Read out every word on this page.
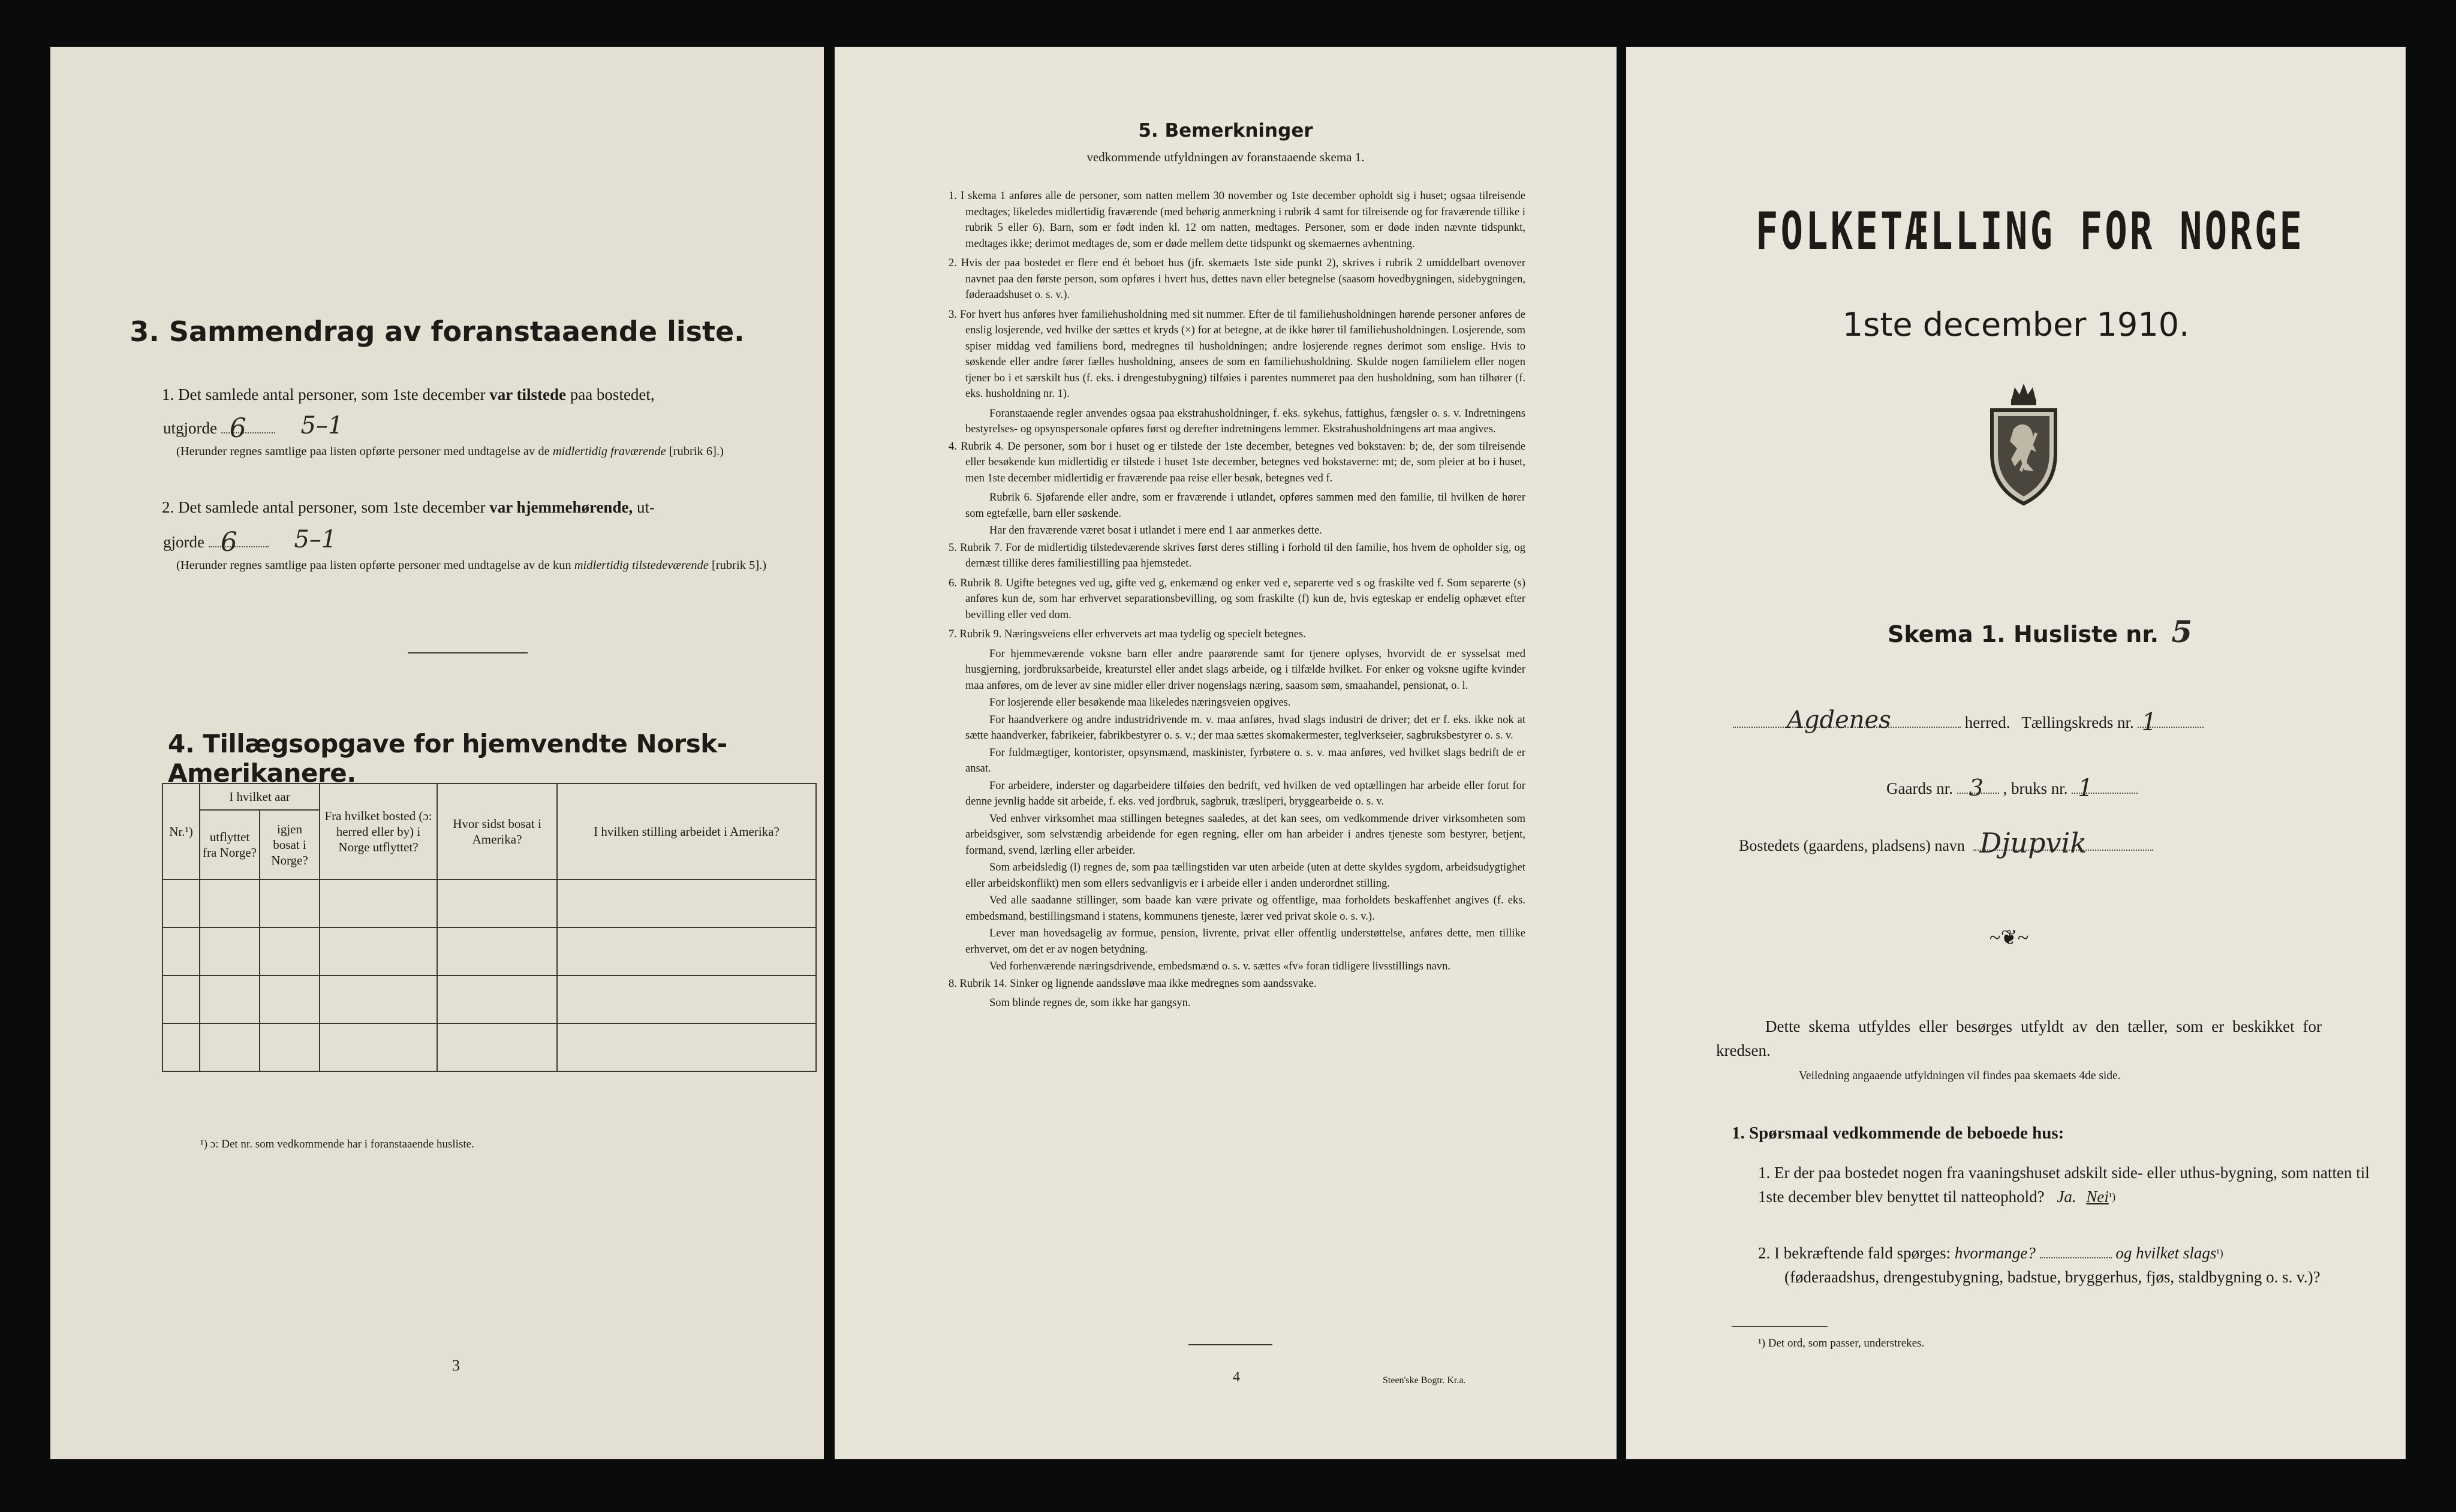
3. Sammendrag av foranstaaende liste.
1. Det samlede antal personer, som 1ste december var tilstede paa bostedet,
utgjorde 6 5–1
(Herunder regnes samtlige paa listen opførte personer med undtagelse av de midlertidig fraværende [rubrik 6].)
2. Det samlede antal personer, som 1ste december var hjemmehørende, ut-
gjorde 6 5–1
(Herunder regnes samtlige paa listen opførte personer med undtagelse av de kun midlertidig tilstedeværende [rubrik 5].)
4. Tillægsopgave for hjemvendte Norsk-Amerikanere.
Nr.¹)	I hvilket aar		Fra hvilket bosted (ɔ: herred eller by) i Norge utflyttet?	Hvor sidst bosat i Amerika?	I hvilken stilling arbeidet i Amerika?
	utflyttet fra Norge?	igjen bosat i Norge?			

¹) ɔ: Det nr. som vedkommende har i foranstaaende husliste.
3
5. Bemerkninger
vedkommende utfyldningen av foranstaaende skema 1.
1. I skema 1 anføres alle de personer, som natten mellem 30 november og 1ste december opholdt sig i huset; ogsaa tilreisende medtages; likeledes midlertidig fraværende (med behørig anmerkning i rubrik 4 samt for tilreisende og for fraværende tillike i rubrik 5 eller 6). Barn, som er født inden kl. 12 om natten, medtages. Personer, som er døde inden nævnte tidspunkt, medtages ikke; derimot medtages de, som er døde mellem dette tidspunkt og skemaernes avhentning.
2. Hvis der paa bostedet er flere end ét beboet hus (jfr. skemaets 1ste side punkt 2), skrives i rubrik 2 umiddelbart ovenover navnet paa den første person, som opføres i hvert hus, dettes navn eller betegnelse (saasom hovedbygningen, sidebygningen, føderaadshuset o. s. v.).
3. For hvert hus anføres hver familiehusholdning med sit nummer. Efter de til familiehusholdningen hørende personer anføres de enslig losjerende, ved hvilke der sættes et kryds (×) for at betegne, at de ikke hører til familiehusholdningen. Losjerende, som spiser middag ved familiens bord, medregnes til husholdningen; andre losjerende regnes derimot som enslige. Hvis to søskende eller andre fører fælles husholdning, ansees de som en familiehusholdning. Skulde nogen familielem eller nogen tjener bo i et særskilt hus (f. eks. i drengestubygning) tilføies i parentes nummeret paa den husholdning, som han tilhører (f. eks. husholdning nr. 1).
Foranstaaende regler anvendes ogsaa paa ekstrahusholdninger, f. eks. sykehus, fattighus, fængsler o. s. v. Indretningens bestyrelses- og opsynspersonale opføres først og derefter indretningens lemmer. Ekstrahusholdningens art maa angives.
4. Rubrik 4. De personer, som bor i huset og er tilstede der 1ste december, betegnes ved bokstaven: b; de, der som tilreisende eller besøkende kun midlertidig er tilstede i huset 1ste december, betegnes ved bokstaverne: mt; de, som pleier at bo i huset, men 1ste december midlertidig er fraværende paa reise eller besøk, betegnes ved f.
Rubrik 6. Sjøfarende eller andre, som er fraværende i utlandet, opføres sammen med den familie, til hvilken de hører som egtefælle, barn eller søskende.
Har den fraværende været bosat i utlandet i mere end 1 aar anmerkes dette.
5. Rubrik 7. For de midlertidig tilstedeværende skrives først deres stilling i forhold til den familie, hos hvem de opholder sig, og dernæst tillike deres familiestilling paa hjemstedet.
6. Rubrik 8. Ugifte betegnes ved ug, gifte ved g, enkemænd og enker ved e, separerte ved s og fraskilte ved f. Som separerte (s) anføres kun de, som har erhvervet separationsbevilling, og som fraskilte (f) kun de, hvis egteskap er endelig ophævet efter bevilling eller ved dom.
7. Rubrik 9. Næringsveiens eller erhvervets art maa tydelig og specielt betegnes.
For hjemmeværende voksne barn eller andre paarørende samt for tjenere oplyses, hvorvidt de er sysselsat med husgjerning, jordbruksarbeide, kreaturstel eller andet slags arbeide, og i tilfælde hvilket. For enker og voksne ugifte kvinder maa anføres, om de lever av sine midler eller driver nogensłags næring, saasom søm, smaahandel, pensionat, o. l.
For losjerende eller besøkende maa likeledes næringsveien opgives.
For haandverkere og andre industridrivende m. v. maa anføres, hvad slags industri de driver; det er f. eks. ikke nok at sætte haandverker, fabrikeier, fabrikbestyrer o. s. v.; der maa sættes skomakermester, teglverkseier, sagbruksbestyrer o. s. v.
For fuldmægtiger, kontorister, opsynsmænd, maskinister, fyrbøtere o. s. v. maa anføres, ved hvilket slags bedrift de er ansat.
For arbeidere, inderster og dagarbeidere tilføies den bedrift, ved hvilken de ved optællingen har arbeide eller forut for denne jevnlig hadde sit arbeide, f. eks. ved jordbruk, sagbruk, træsliperi, bryggearbeide o. s. v.
Ved enhver virksomhet maa stillingen betegnes saaledes, at det kan sees, om vedkommende driver virksomheten som arbeidsgiver, som selvstændig arbeidende for egen regning, eller om han arbeider i andres tjeneste som bestyrer, betjent, formand, svend, lærling eller arbeider.
Som arbeidsledig (l) regnes de, som paa tællingstiden var uten arbeide (uten at dette skyldes sygdom, arbeidsudygtighet eller arbeidskonflikt) men som ellers sedvanligvis er i arbeide eller i anden underordnet stilling.
Ved alle saadanne stillinger, som baade kan være private og offentlige, maa forholdets beskaffenhet angives (f. eks. embedsmand, bestillingsmand i statens, kommunens tjeneste, lærer ved privat skole o. s. v.).
Lever man hovedsagelig av formue, pension, livrente, privat eller offentlig understøttelse, anføres dette, men tillike erhvervet, om det er av nogen betydning.
Ved forhenværende næringsdrivende, embedsmænd o. s. v. sættes «fv» foran tidligere livsstillings navn.
8. Rubrik 14. Sinker og lignende aandssløve maa ikke medregnes som aandssvake.
Som blinde regnes de, som ikke har gangsyn.
4	Steen'ske Bogtr. Kr.a.
FOLKETÆLLING FOR NORGE
1ste december 1910.
Skema 1. Husliste nr. 5
Agdenes	herred. Tællingskreds nr. 1
Gaards nr. 3 , bruks nr. 1
Bostedets (gaardens, pladsens) navn Djupvik
~❦~
Dette skema utfyldes eller besørges utfyldt av den tæller, som er beskikket for kredsen.
Veiledning angaaende utfyldningen vil findes paa skemaets 4de side.
1. Spørsmaal vedkommende de beboede hus:
1. Er der paa bostedet nogen fra vaaningshuset adskilt side- eller uthus-bygning, som natten til 1ste december blev benyttet til natteophold? Ja. Nei$^{^1)}$
2. I bekræftende fald spørges: hvormange?	og hvilket slags$^{^1)}$
(føderaadshus, drengestubygning, badstue, bryggerhus, fjøs, staldbygning o. s. v.)?
¹) Det ord, som passer, understrekes.
